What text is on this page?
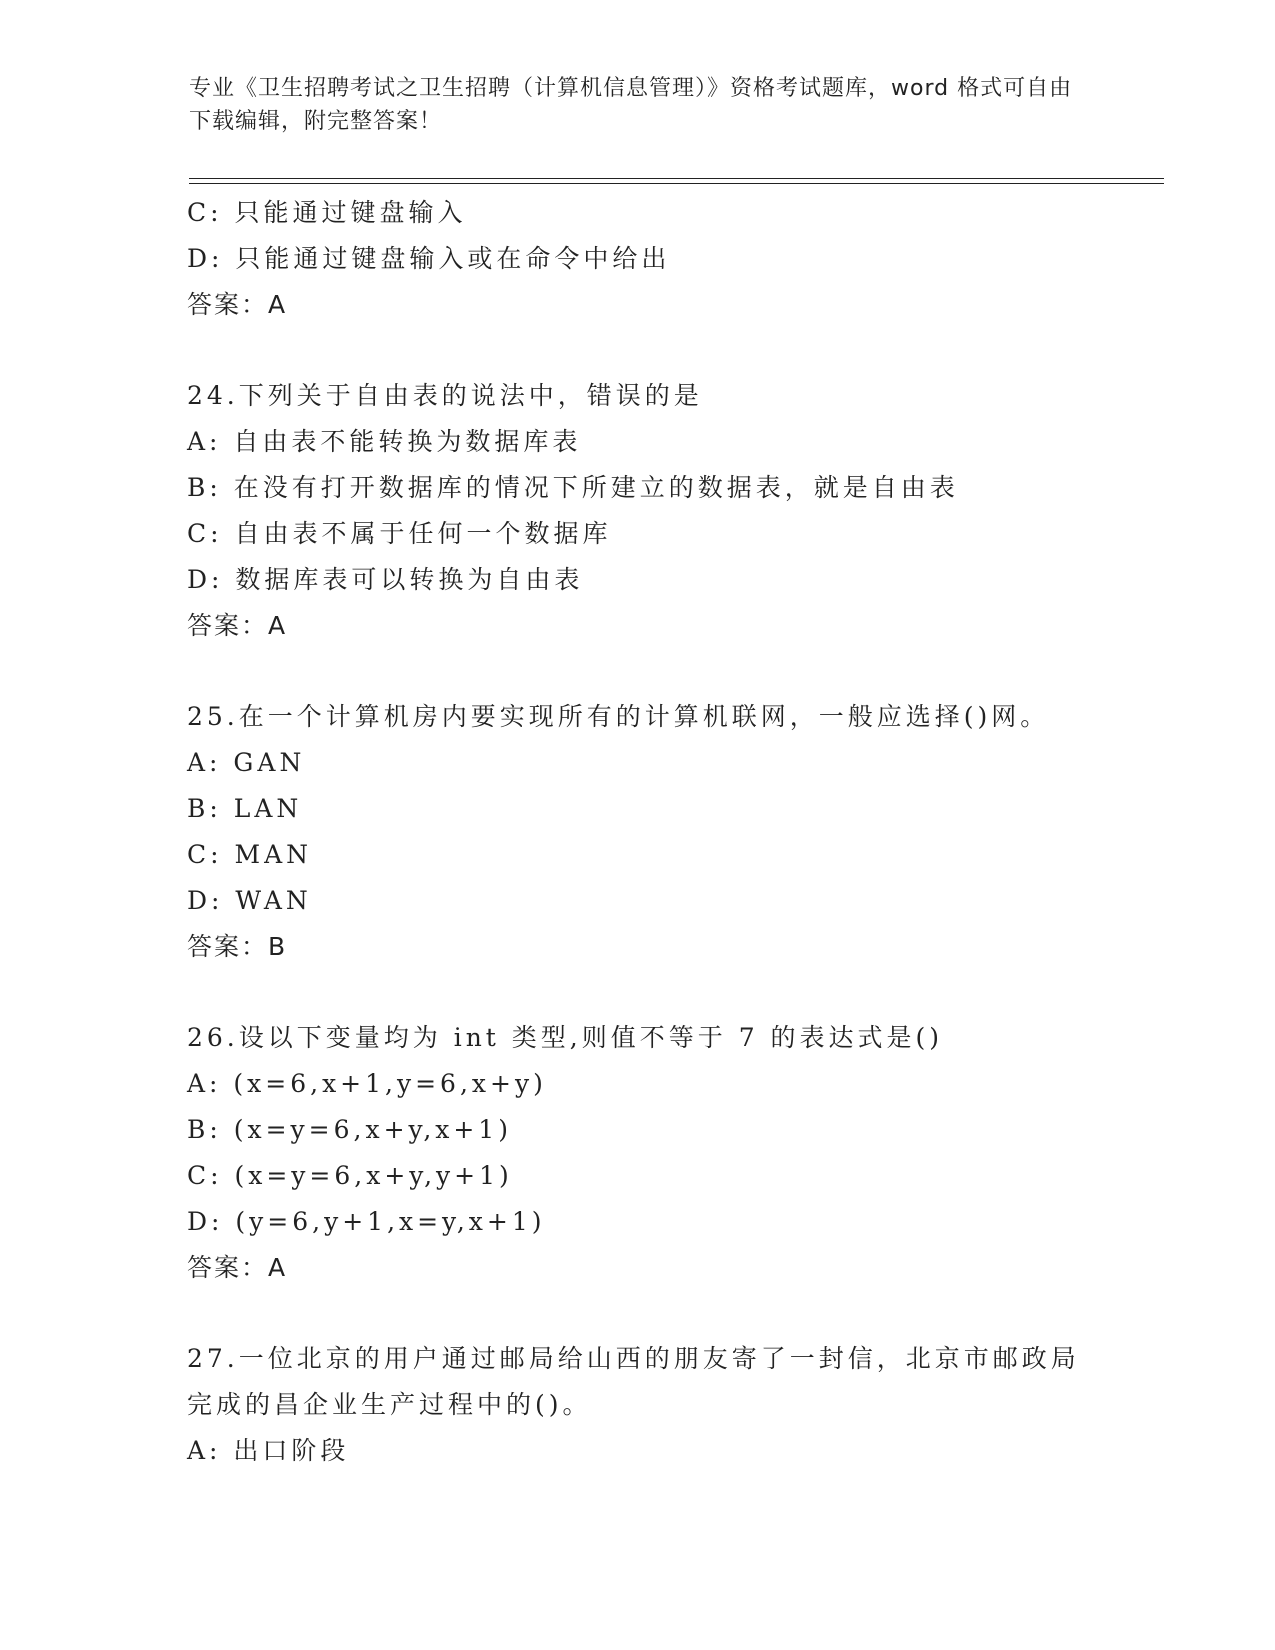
专业《卫生招聘考试之卫生招聘（计算机信息管理）》资格考试题库，word 格式可自由下载编辑，附完整答案！
C: 只能通过键盘输入
D: 只能通过键盘输入或在命令中给出
答案：A
24.下列关于自由表的说法中，错误的是
A: 自由表不能转换为数据库表
B: 在没有打开数据库的情况下所建立的数据表，就是自由表
C: 自由表不属于任何一个数据库
D: 数据库表可以转换为自由表
答案：A
25.在一个计算机房内要实现所有的计算机联网，一般应选择()网。
A: GAN
B: LAN
C: MAN
D: WAN
答案：B
26.设以下变量均为 int 类型,则值不等于 7 的表达式是()
A: (x=6,x+1,y=6,x+y)
B: (x=y=6,x+y,x+1)
C: (x=y=6,x+y,y+1)
D: (y=6,y+1,x=y,x+1)
答案：A
27.一位北京的用户通过邮局给山西的朋友寄了一封信，北京市邮政局
完成的昌企业生产过程中的()。
A: 出口阶段
